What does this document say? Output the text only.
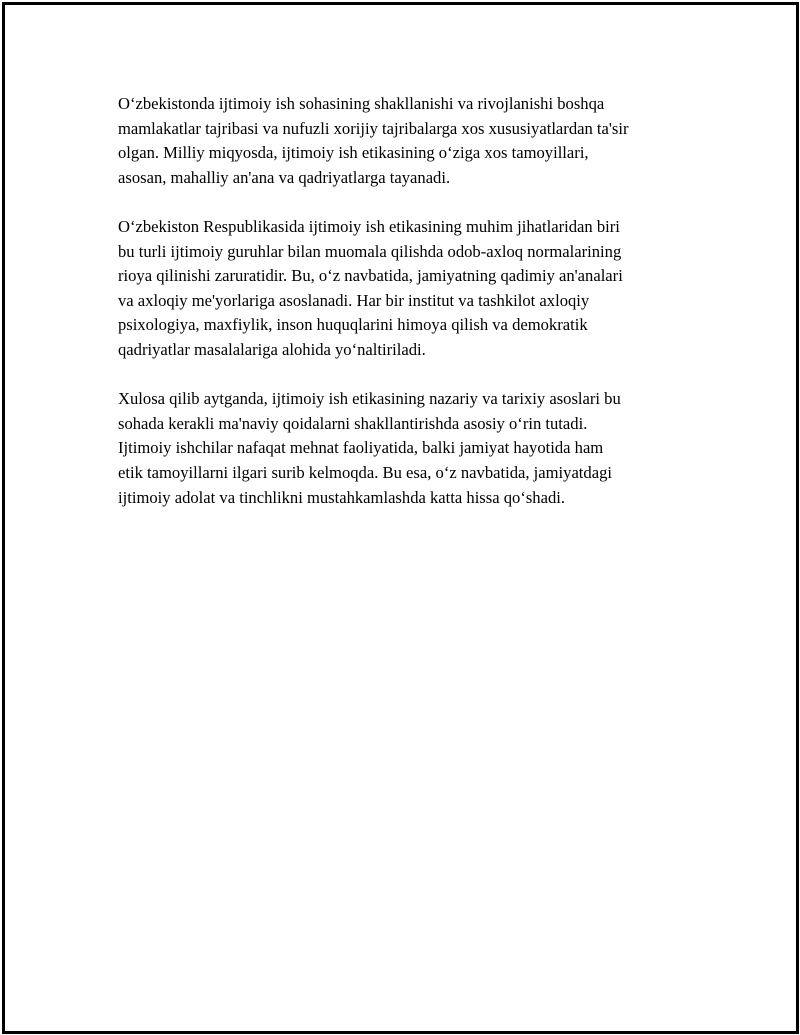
O‘zbekistonda ijtimoiy ish sohasining shakllanishi va rivojlanishi boshqa
mamlakatlar tajribasi va nufuzli xorijiy tajribalarga xos xususiyatlardan ta'sir
olgan. Milliy miqyosda, ijtimoiy ish etikasining o‘ziga xos tamoyillari,
asosan, mahalliy an'ana va qadriyatlarga tayanadi.

O‘zbekiston Respublikasida ijtimoiy ish etikasining muhim jihatlaridan biri
bu turli ijtimoiy guruhlar bilan muomala qilishda odob-axloq normalarining
rioya qilinishi zaruratidir. Bu, o‘z navbatida, jamiyatning qadimiy an'analari
va axloqiy me'yorlariga asoslanadi. Har bir institut va tashkilot axloqiy
psixologiya, maxfiylik, inson huquqlarini himoya qilish va demokratik
qadriyatlar masalalariga alohida yo‘naltiriladi.

Xulosa qilib aytganda, ijtimoiy ish etikasining nazariy va tarixiy asoslari bu
sohada kerakli ma'naviy qoidalarni shakllantirishda asosiy o‘rin tutadi.
Ijtimoiy ishchilar nafaqat mehnat faoliyatida, balki jamiyat hayotida ham
etik tamoyillarni ilgari surib kelmoqda. Bu esa, o‘z navbatida, jamiyatdagi
ijtimoiy adolat va tinchlikni mustahkamlashda katta hissa qo‘shadi.
